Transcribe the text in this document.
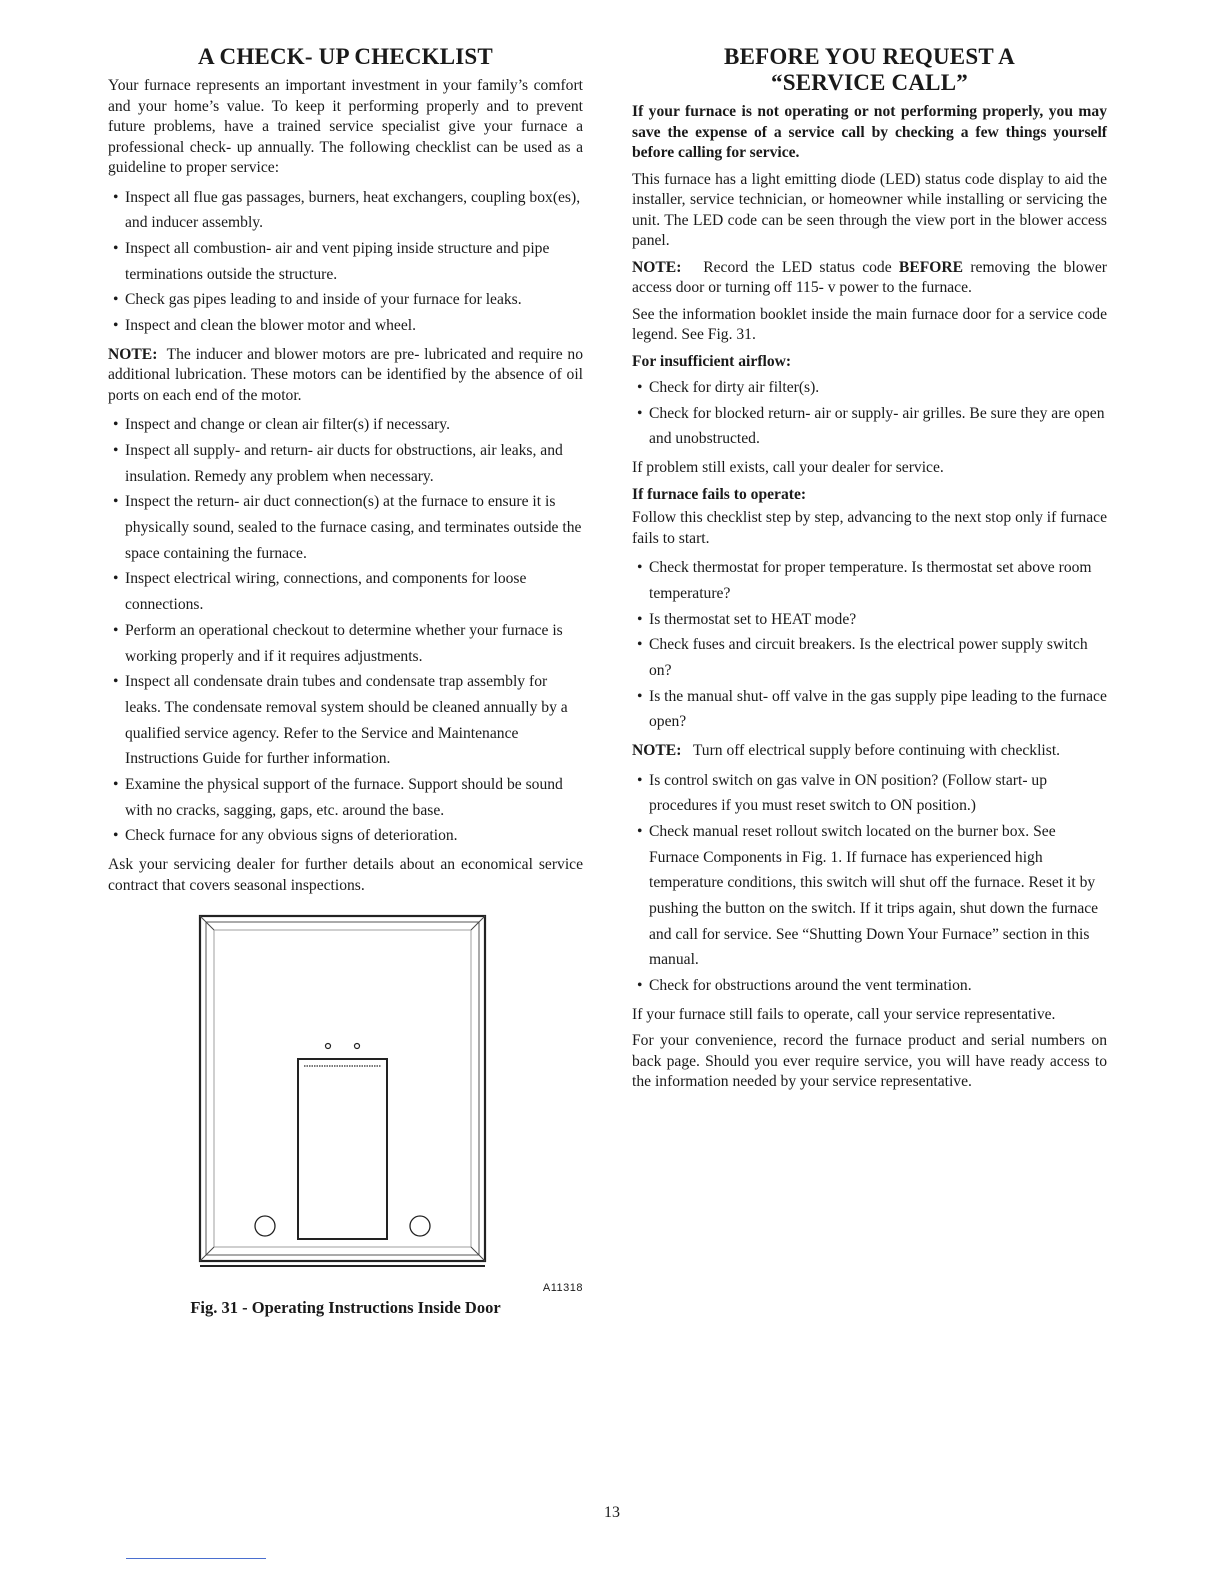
A CHECK- UP CHECKLIST

Your furnace represents an important investment in your family’s comfort and your home’s value. To keep it performing properly and to prevent future problems, have a trained service specialist give your furnace a professional check- up annually. The following checklist can be used as a guideline to proper service:

• Inspect all flue gas passages, burners, heat exchangers, coupling box(es), and inducer assembly.
• Inspect all combustion- air and vent piping inside structure and pipe terminations outside the structure.
• Check gas pipes leading to and inside of your furnace for leaks.
• Inspect and clean the blower motor and wheel.

NOTE: The inducer and blower motors are pre- lubricated and require no additional lubrication. These motors can be identified by the absence of oil ports on each end of the motor.

• Inspect and change or clean air filter(s) if necessary.
• Inspect all supply- and return- air ducts for obstructions, air leaks, and insulation. Remedy any problem when necessary.
• Inspect the return- air duct connection(s) at the furnace to ensure it is physically sound, sealed to the furnace casing, and terminates outside the space containing the furnace.
• Inspect electrical wiring, connections, and components for loose connections.
• Perform an operational checkout to determine whether your furnace is working properly and if it requires adjustments.
• Inspect all condensate drain tubes and condensate trap assembly for leaks. The condensate removal system should be cleaned annually by a qualified service agency. Refer to the Service and Maintenance Instructions Guide for further information.
• Examine the physical support of the furnace. Support should be sound with no cracks, sagging, gaps, etc. around the base.
• Check furnace for any obvious signs of deterioration.

Ask your servicing dealer for further details about an economical service contract that covers seasonal inspections.

A11318
Fig. 31 - Operating Instructions Inside Door
BEFORE YOU REQUEST A
“SERVICE CALL”

If your furnace is not operating or not performing properly, you may save the expense of a service call by checking a few things yourself before calling for service.

This furnace has a light emitting diode (LED) status code display to aid the installer, service technician, or homeowner while installing or servicing the unit. The LED code can be seen through the view port in the blower access panel.

NOTE: Record the LED status code BEFORE removing the blower access door or turning off 115- v power to the furnace.

See the information booklet inside the main furnace door for a service code legend. See Fig. 31.

For insufficient airflow:

• Check for dirty air filter(s).
• Check for blocked return- air or supply- air grilles. Be sure they are open and unobstructed.

If problem still exists, call your dealer for service.

If furnace fails to operate:

Follow this checklist step by step, advancing to the next stop only if furnace fails to start.

• Check thermostat for proper temperature. Is thermostat set above room temperature?
• Is thermostat set to HEAT mode?
• Check fuses and circuit breakers. Is the electrical power supply switch on?
• Is the manual shut- off valve in the gas supply pipe leading to the furnace open?

NOTE: Turn off electrical supply before continuing with checklist.

• Is control switch on gas valve in ON position? (Follow start- up procedures if you must reset switch to ON position.)
• Check manual reset rollout switch located on the burner box. See Furnace Components in Fig. 1. If furnace has experienced high temperature conditions, this switch will shut off the furnace. Reset it by pushing the button on the switch. If it trips again, shut down the furnace and call for service. See “Shutting Down Your Furnace” section in this manual.
• Check for obstructions around the vent termination.

If your furnace still fails to operate, call your service representative.

For your convenience, record the furnace product and serial numbers on back page. Should you ever require service, you will have ready access to the information needed by your service representative.

13
